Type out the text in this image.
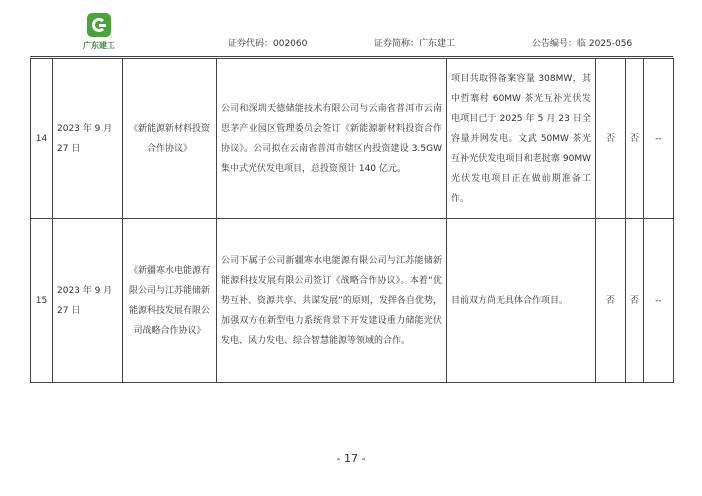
广东建工	证券代码：002060	证券简称：广东建工	公告编号：临 2025-056
14	2023 年 9 月 27 日	《新能源新材料投资合作协议》	公司和深圳天德储能技术有限公司与云南省普洱市云南思茅产业园区管理委员会签订《新能源新材料投资合作协议》。公司拟在云南省普洱市辖区内投资建设 3.5GW 集中式光伏发电项目，总投资预计 140 亿元。	项目共取得备案容量 308MW，其中哲寨村 60MW 茶光互补光伏发电项目已于 2025 年 5 月 23 日全容量并网发电。文武 50MW 茶光互补光伏发电项目和老挝寨 90MW 光伏发电项目正在做前期准备工作。	否	否	--
15	2023 年 9 月 27 日	《新疆寒水电能源有限公司与江苏能储新能源科技发展有限公司战略合作协议》	公司下属子公司新疆寒水电能源有限公司与江苏能储新能源科技发展有限公司签订《战略合作协议》。本着“优势互补、资源共享、共谋发展”的原则，发挥各自优势，加强双方在新型电力系统背景下开发建设重力储能光伏发电、风力发电、综合智慧能源等领域的合作。	目前双方尚无具体合作项目。	否	否	--
- 17 -
